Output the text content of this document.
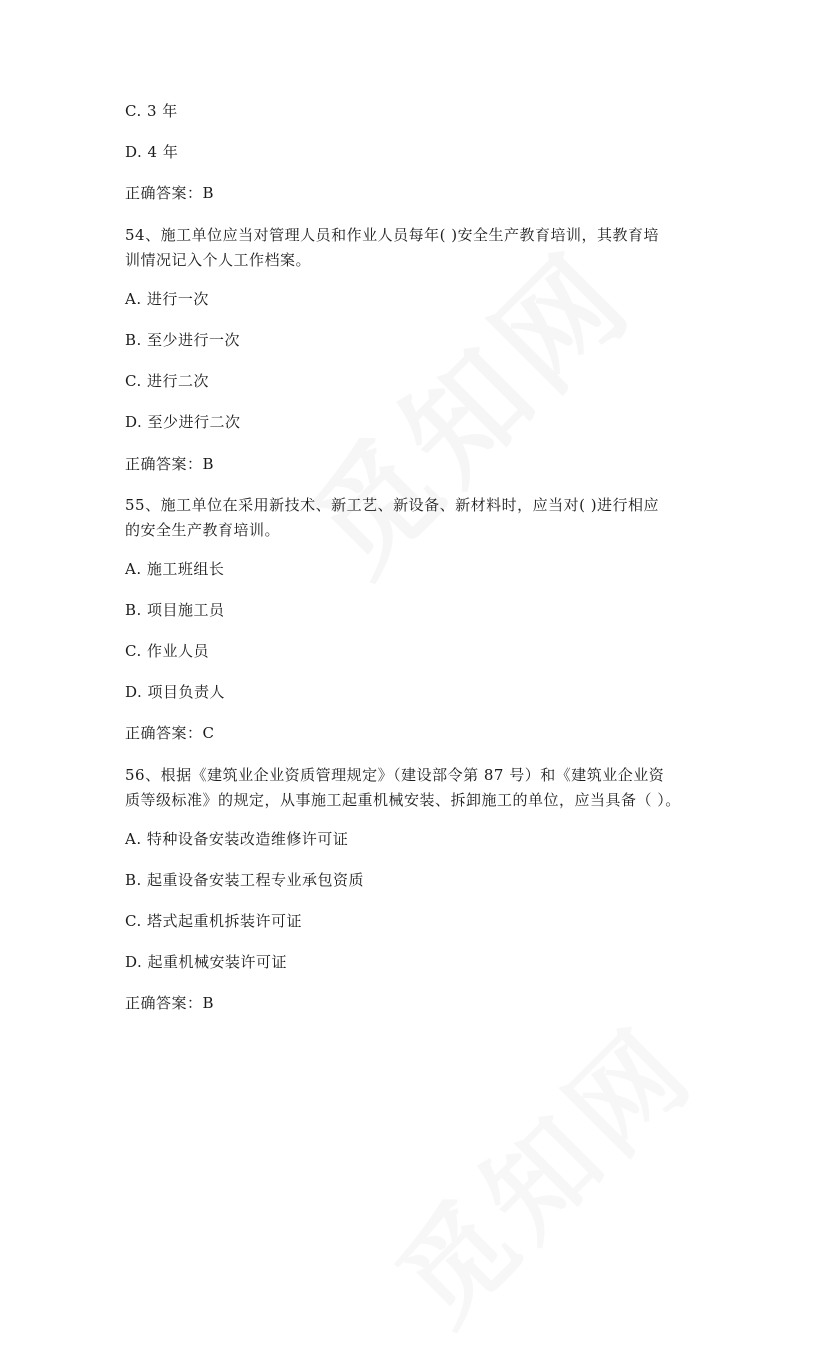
C. 3 年
D. 4 年
正确答案：B
54、施工单位应当对管理人员和作业人员每年( )安全生产教育培训，其教育培
训情况记入个人工作档案。
A. 进行一次
B. 至少进行一次
C. 进行二次
D. 至少进行二次
正确答案：B
55、施工单位在采用新技术、新工艺、新设备、新材料时，应当对( )进行相应
的安全生产教育培训。
A. 施工班组长
B. 项目施工员
C. 作业人员
D. 项目负责人
正确答案：C
56、根据《建筑业企业资质管理规定》（建设部令第 87 号）和《建筑业企业资
质等级标准》的规定，从事施工起重机械安装、拆卸施工的单位，应当具备（ ）。
A. 特种设备安装改造维修许可证
B. 起重设备安装工程专业承包资质
C. 塔式起重机拆装许可证
D. 起重机械安装许可证
正确答案：B
